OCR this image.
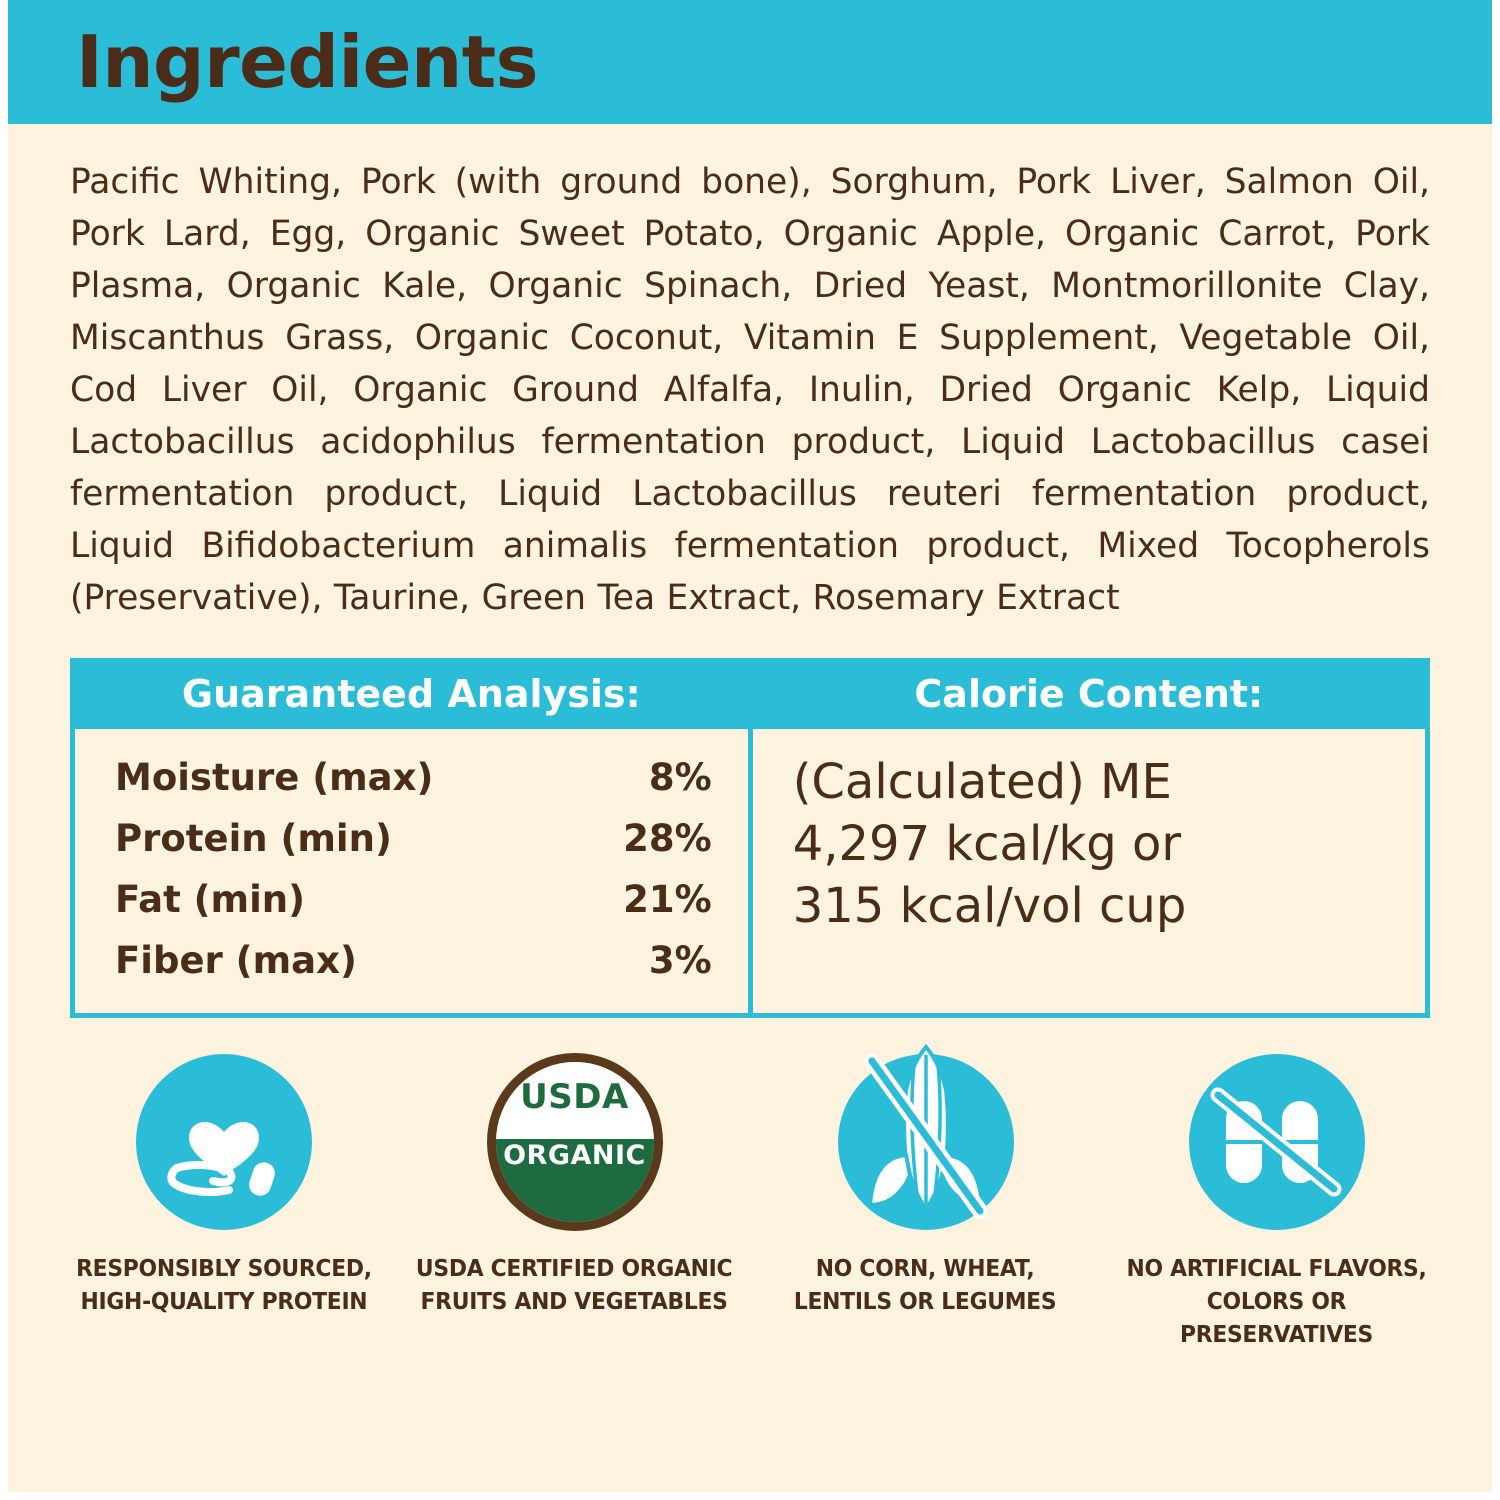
Ingredients
Pacific Whiting, Pork (with ground bone), Sorghum, Pork Liver, Salmon Oil, Pork Lard, Egg, Organic Sweet Potato, Organic Apple, Organic Carrot, Pork Plasma, Organic Kale, Organic Spinach, Dried Yeast, Montmorillonite Clay, Miscanthus Grass, Organic Coconut, Vitamin E Supplement, Vegetable Oil, Cod Liver Oil, Organic Ground Alfalfa, Inulin, Dried Organic Kelp, Liquid Lactobacillus acidophilus fermentation product, Liquid Lactobacillus casei fermentation product, Liquid Lactobacillus reuteri fermentation product, Liquid Bifidobacterium animalis fermentation product, Mixed Tocopherols (Preservative), Taurine, Green Tea Extract, Rosemary Extract
Guaranteed Analysis:
Moisture (max)	8%
Protein (min)	28%
Fat (min)	21%
Fiber (max)	3%
Calorie Content:
(Calculated) ME
4,297 kcal/kg or
315 kcal/vol cup
RESPONSIBLY SOURCED,
HIGH-QUALITY PROTEIN
USDA
ORGANIC
USDA CERTIFIED ORGANIC
FRUITS AND VEGETABLES
NO CORN, WHEAT,
LENTILS OR LEGUMES
NO ARTIFICIAL FLAVORS,
COLORS OR PRESERVATIVES
